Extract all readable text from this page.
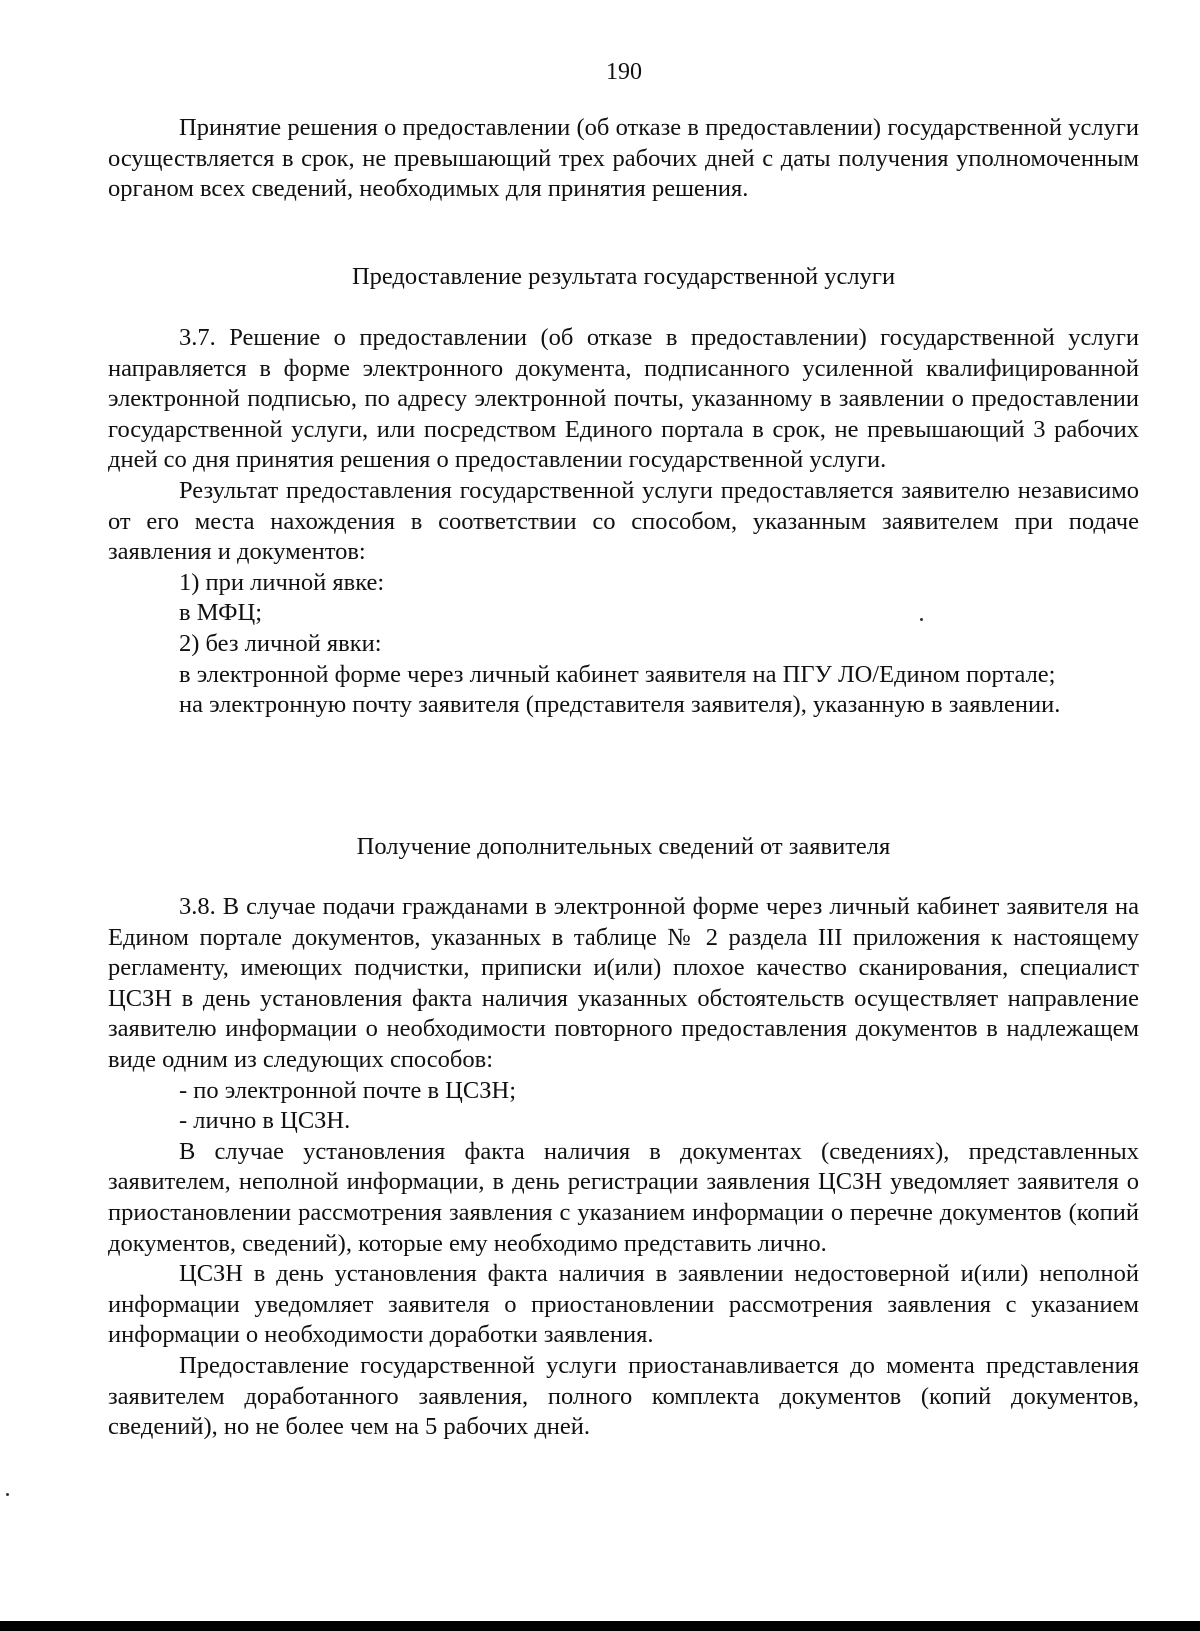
190

Принятие решения о предоставлении (об отказе в предоставлении) государственной услуги осуществляется в срок, не превышающий трех рабочих дней с даты получения уполномоченным органом всех сведений, необходимых для принятия решения.

Предоставление результата государственной услуги

3.7. Решение о предоставлении (об отказе в предоставлении) государственной услуги направляется в форме электронного документа, подписанного усиленной квалифицированной электронной подписью, по адресу электронной почты, указанному в заявлении о предоставлении государственной услуги, или посредством Единого портала в срок, не превышающий 3 рабочих дней со дня принятия решения о предоставлении государственной услуги.

Результат предоставления государственной услуги предоставляется заявителю независимо от его места нахождения в соответствии со способом, указанным заявителем при подаче заявления и документов:

1) при личной явке:

в МФЦ;

2) без личной явки:

в электронной форме через личный кабинет заявителя на ПГУ ЛО/Едином портале;

на электронную почту заявителя (представителя заявителя), указанную в заявлении.

Получение дополнительных сведений от заявителя

3.8. В случае подачи гражданами в электронной форме через личный кабинет заявителя на Едином портале документов, указанных в таблице № 2 раздела III приложения к настоящему регламенту, имеющих подчистки, приписки и(или) плохое качество сканирования, специалист ЦСЗН в день установления факта наличия указанных обстоятельств осуществляет направление заявителю информации о необходимости повторного предоставления документов в надлежащем виде одним из следующих способов:

- по электронной почте в ЦСЗН;

- лично в ЦСЗН.

В случае установления факта наличия в документах (сведениях), представленных заявителем, неполной информации, в день регистрации заявления ЦСЗН уведомляет заявителя о приостановлении рассмотрения заявления с указанием информации о перечне документов (копий документов, сведений), которые ему необходимо представить лично.

ЦСЗН в день установления факта наличия в заявлении недостоверной и(или) неполной информации уведомляет заявителя о приостановлении рассмотрения заявления с указанием информации о необходимости доработки заявления.

Предоставление государственной услуги приостанавливается до момента представления заявителем доработанного заявления, полного комплекта документов (копий документов, сведений), но не более чем на 5 рабочих дней.
